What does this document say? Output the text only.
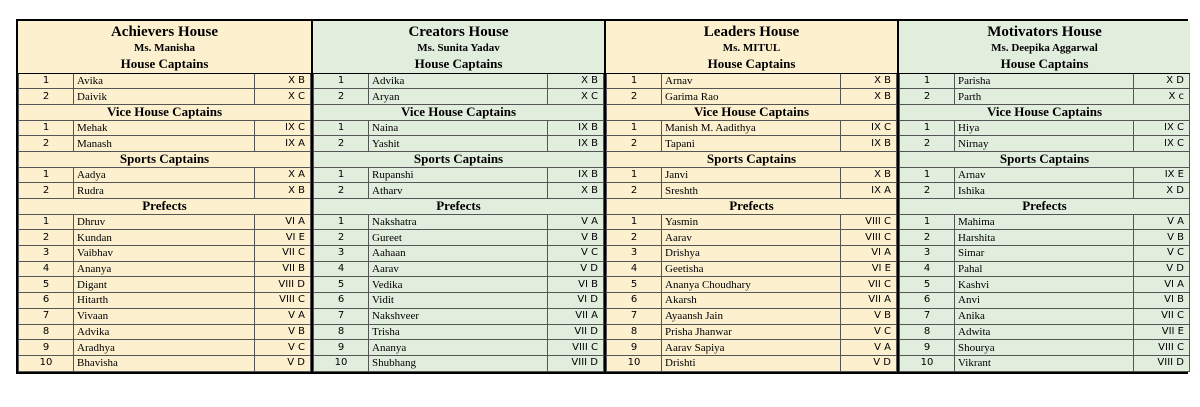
Achievers House		
Ms. Manisha		
House Captains		
1	Avika	X B
2	Daivik	X C
Vice House Captains		
1	Mehak	IX C
2	Manash	IX A
Sports Captains		
1	Aadya	X A
2	Rudra	X B
Prefects		
1	Dhruv	VI A
2	Kundan	VI E
3	Vaibhav	VII C
4	Ananya	VII B
5	Digant	VIII D
6	Hitarth	VIII C
7	Vivaan	V A
8	Advika	V B
9	Aradhya	V C
10	Bhavisha	V D
Creators House		
Ms. Sunita Yadav		
House Captains		
1	Advika	X B
2	Aryan	X C
Vice House Captains		
1	Naina	IX B
2	Yashit	IX B
Sports Captains		
1	Rupanshi	IX B
2	Atharv	X B
Prefects		
1	Nakshatra	V A
2	Gureet	V B
3	Aahaan	V C
4	Aarav	V D
5	Vedika	VI B
6	Vidit	VI D
7	Nakshveer	VII A
8	Trisha	VII D
9	Ananya	VIII C
10	Shubhang	VIII D
Leaders House		
Ms. MITUL		
House Captains		
1	Arnav	X B
2	Garima Rao	X B
Vice House Captains		
1	Manish M. Aadithya	IX C
2	Tapani	IX B
Sports Captains		
1	Janvi	X B
2	Sreshth	IX A
Prefects		
1	Yasmin	VIII C
2	Aarav	VIII C
3	Drishya	VI A
4	Geetisha	VI E
5	Ananya Choudhary	VII C
6	Akarsh	VII A
7	Ayaansh Jain	V B
8	Prisha Jhanwar	V C
9	Aarav Sapiya	V A
10	Drishti	V D
Motivators House		
Ms. Deepika Aggarwal		
House Captains		
1	Parisha	X D
2	Parth	X c
Vice House Captains		
1	Hiya	IX C
2	Nirnay	IX C
Sports Captains		
1	Arnav	IX E
2	Ishika	X D
Prefects		
1	Mahima	V A
2	Harshita	V B
3	Simar	V C
4	Pahal	V D
5	Kashvi	VI A
6	Anvi	VI B
7	Anika	VII C
8	Adwita	VII E
9	Shourya	VIII C
10	Vikrant	VIII D
